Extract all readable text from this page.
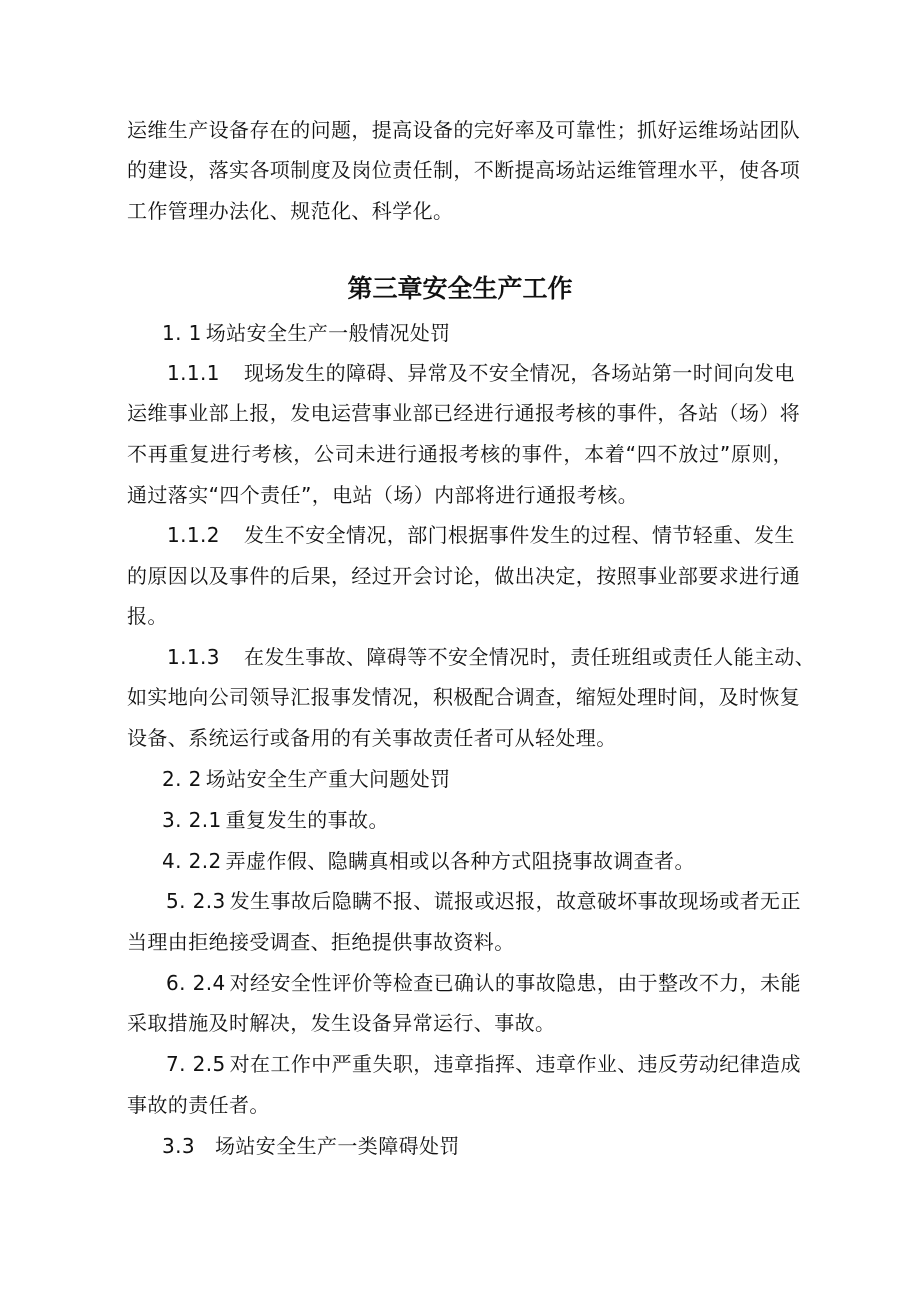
运维生产设备存在的问题，提高设备的完好率及可靠性；抓好运维场站团队
的建设，落实各项制度及岗位责任制，不断提高场站运维管理水平，使各项
工作管理办法化、规范化、科学化。
第三章安全生产工作
1. 1 场站安全生产一般情况处罚
1.1.1 现场发生的障碍、异常及不安全情况，各场站第一时间向发电
运维事业部上报，发电运营事业部已经进行通报考核的事件，各站（场）将
不再重复进行考核，公司未进行通报考核的事件，本着“四不放过”原则，
通过落实“四个责任”，电站（场）内部将进行通报考核。
1.1.2 发生不安全情况，部门根据事件发生的过程、情节轻重、发生
的原因以及事件的后果，经过开会讨论，做出决定，按照事业部要求进行通
报。
1.1.3 在发生事故、障碍等不安全情况时，责任班组或责任人能主动、
如实地向公司领导汇报事发情况，积极配合调查，缩短处理时间，及时恢复
设备、系统运行或备用的有关事故责任者可从轻处理。
2. 2 场站安全生产重大问题处罚
3. 2.1 重复发生的事故。
4. 2.2 弄虚作假、隐瞒真相或以各种方式阻挠事故调查者。
5. 2.3 发生事故后隐瞒不报、谎报或迟报，故意破坏事故现场或者无正
当理由拒绝接受调查、拒绝提供事故资料。
6. 2.4 对经安全性评价等检查已确认的事故隐患，由于整改不力，未能
采取措施及时解决，发生设备异常运行、事故。
7. 2.5 对在工作中严重失职，违章指挥、违章作业、违反劳动纪律造成
事故的责任者。
3.3 场站安全生产一类障碍处罚
